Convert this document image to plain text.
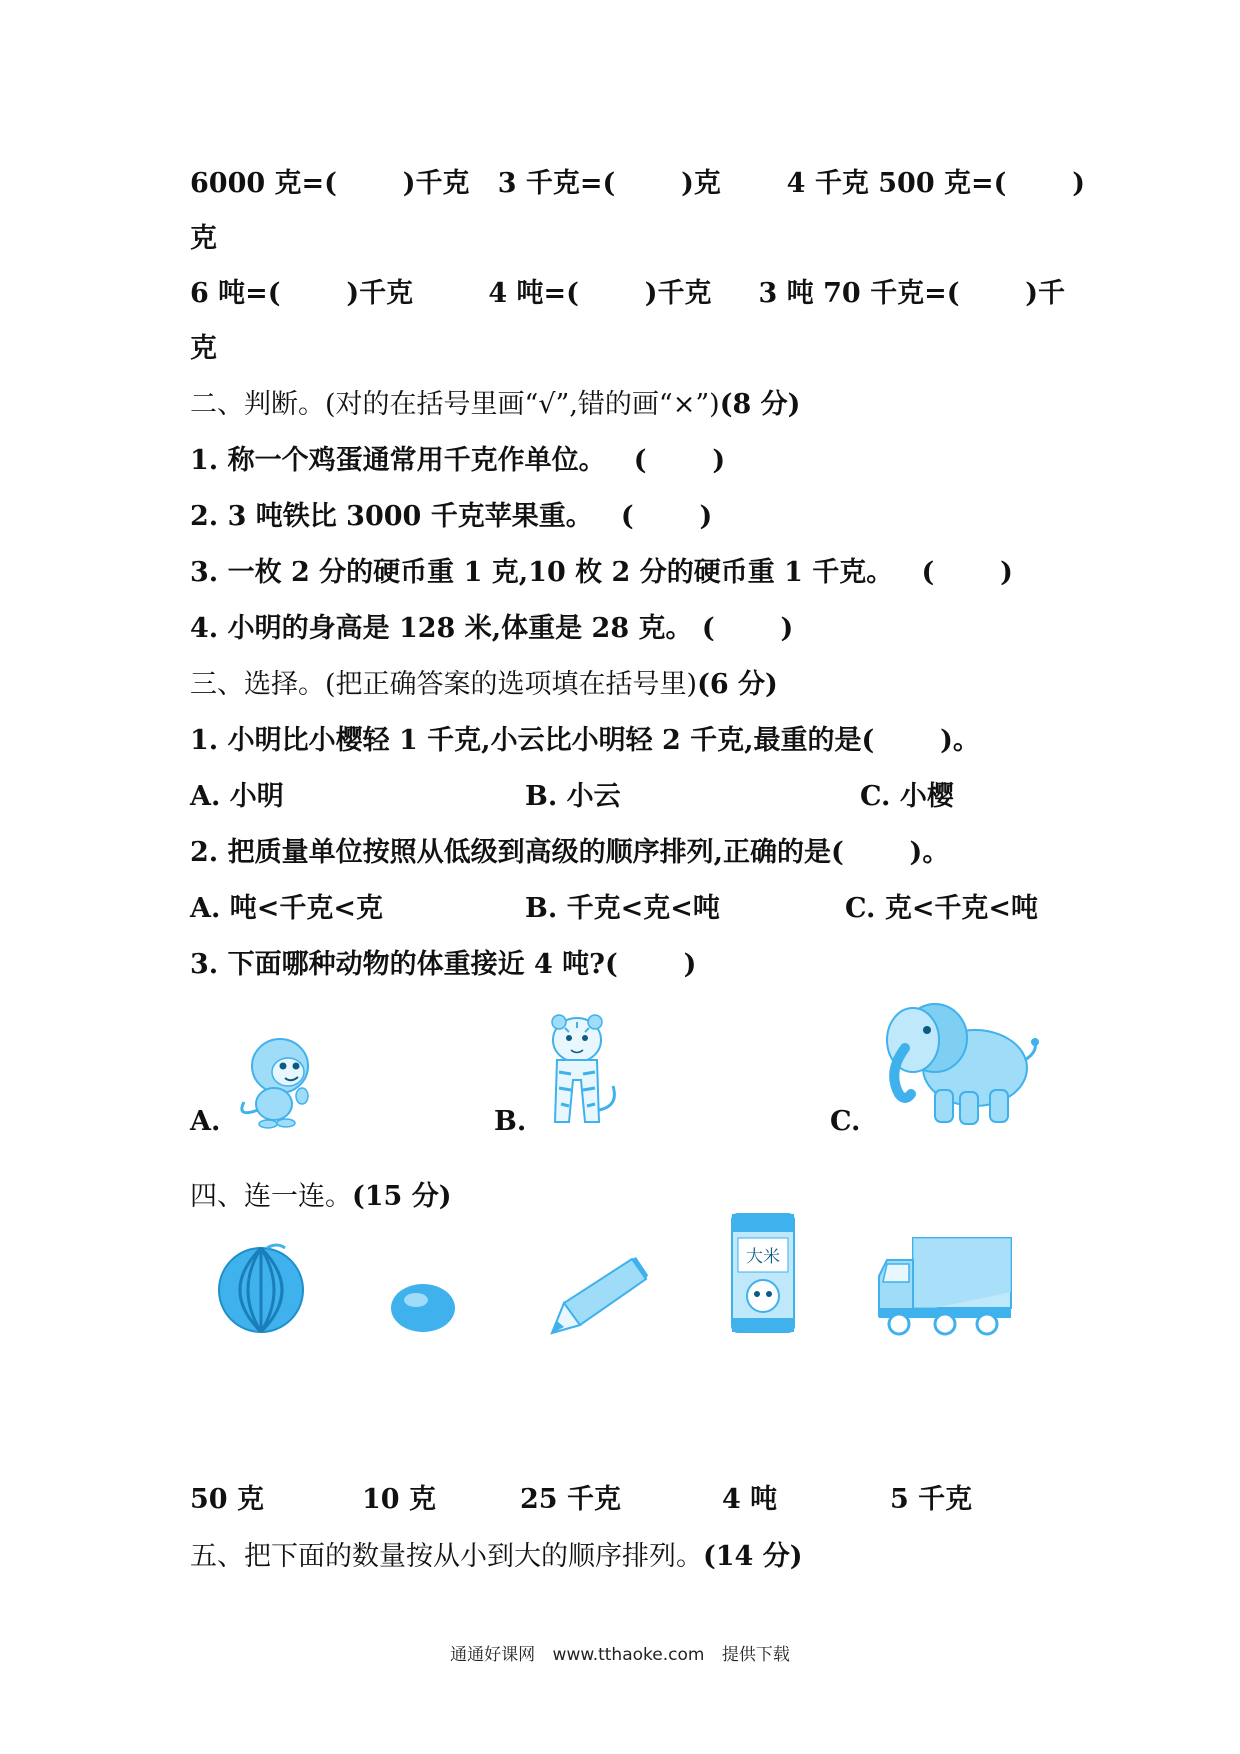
6000 克=(       )千克   3 千克=(       )克       4 千克 500 克=(       )
克
6 吨=(       )千克        4 吨=(       )千克     3 吨 70 千克=(       )千
克
二、判断。(对的在括号里画“√”,错的画“×”)(8 分)
1. 称一个鸡蛋通常用千克作单位。   (       )
2. 3 吨铁比 3000 千克苹果重。   (       )
3. 一枚 2 分的硬币重 1 克,10 枚 2 分的硬币重 1 千克。   (       )
4. 小明的身高是 128 米,体重是 28 克。 (       )
三、选择。(把正确答案的选项填在括号里)(6 分)
1. 小明比小樱轻 1 千克,小云比小明轻 2 千克,最重的是(       )。
A. 小明	B. 小云	C. 小樱
2. 把质量单位按照从低级到高级的顺序排列,正确的是(       )。
A. 吨<千克<克	B. 千克<克<吨	C. 克<千克<吨
3. 下面哪种动物的体重接近 4 吨?(       )
A.	B.	C.
四、连一连。(15 分)
大米
50 克	10 克	25 千克	4 吨	5 千克
五、把下面的数量按从小到大的顺序排列。(14 分)
通通好课网 www.tthaoke.com 提供下载
